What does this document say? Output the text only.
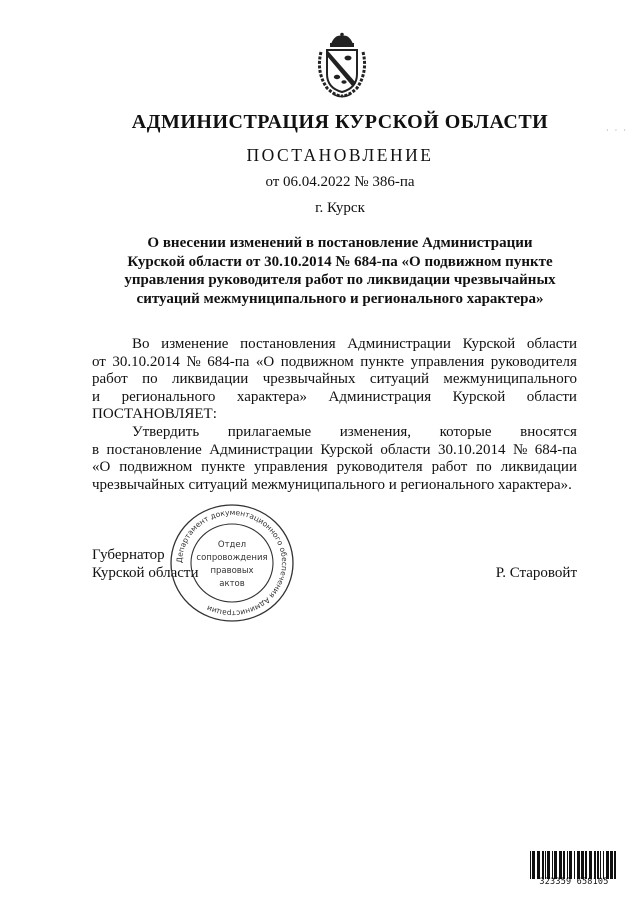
АДМИНИСТРАЦИЯ КУРСКОЙ ОБЛАСТИ
ПОСТАНОВЛЕНИЕ
от 06.04.2022 № 386-па
г. Курск
· · ·
О внесении изменений в постановление Администрации
Курской области от 30.10.2014 № 684-па «О подвижном пункте
управления руководителя работ по ликвидации чрезвычайных
ситуаций межмуниципального и регионального характера»
Во изменение постановления Администрации Курской области
от 30.10.2014 № 684-па «О подвижном пункте управления руководителя
работ по ликвидации чрезвычайных ситуаций межмуниципального
и регионального характера» Администрация Курской области
ПОСТАНОВЛЯЕТ:
Утвердить прилагаемые изменения, которые вносятся
в постановление Администрации Курской области 30.10.2014 № 684-па
«О подвижном пункте управления руководителя работ по ликвидации
чрезвычайных ситуаций межмуниципального и регионального характера».
Губернатор
Курской области	Р. Старовойт
Департамент документационного обеспечения Администрации
Отдел
сопровождения
правовых
актов
323359 658105
